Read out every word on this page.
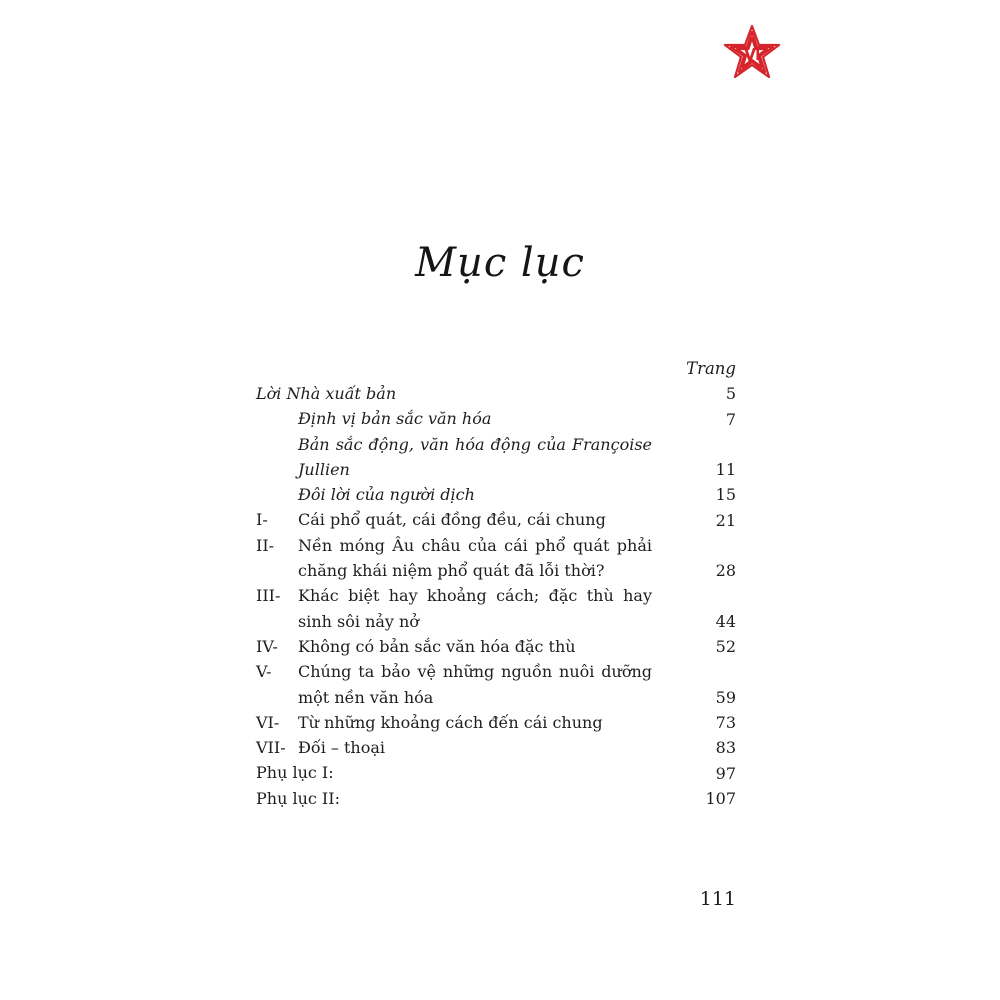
Mục lục
Trang
Lời Nhà xuất bản	5
Định vị bản sắc văn hóa	7
Bản sắc động, văn hóa động của Françoise Jullien	11
Đôi lời của người dịch	15
I-	Cái phổ quát, cái đồng đều, cái chung	21
II-	Nền móng Âu châu của cái phổ quát phải chăng khái niệm phổ quát đã lỗi thời?	28
III-	Khác biệt hay khoảng cách; đặc thù hay sinh sôi nảy nở	44
IV-	Không có bản sắc văn hóa đặc thù	52
V-	Chúng ta bảo vệ những nguồn nuôi dưỡng một nền văn hóa	59
VI-	Từ những khoảng cách đến cái chung	73
VII- Đối – thoại	83
Phụ lục I:	97
Phụ lục II:	107
111
